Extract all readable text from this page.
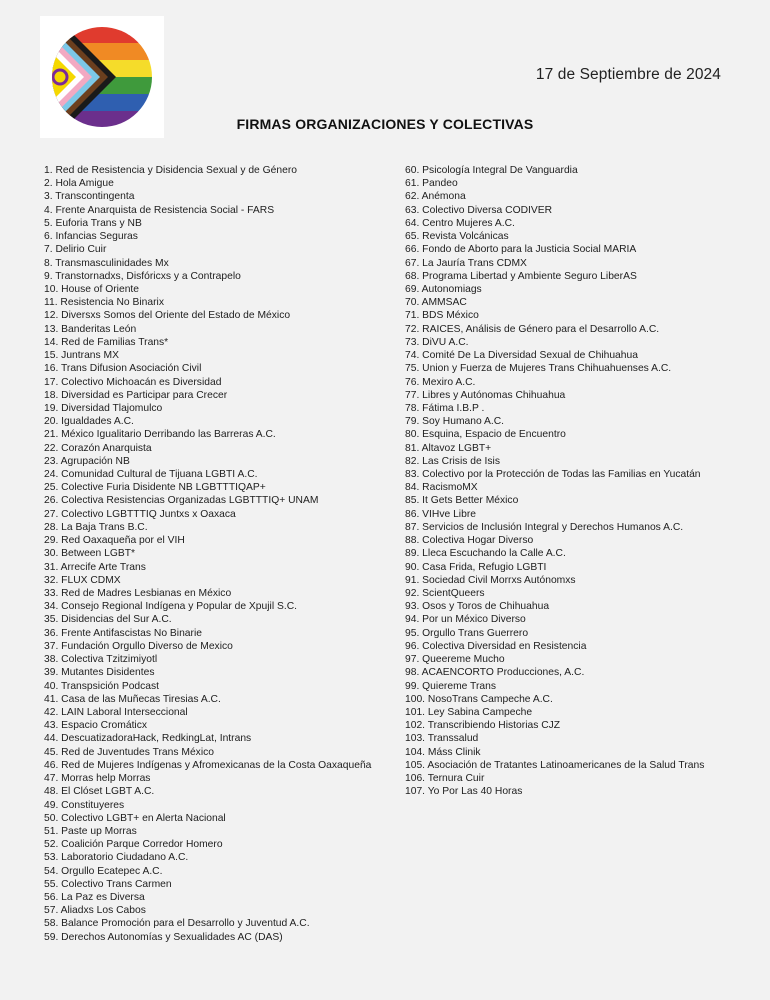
17 de Septiembre de 2024
FIRMAS ORGANIZACIONES Y COLECTIVAS
1. Red de Resistencia y Disidencia Sexual y de Género
2. Hola Amigue
3. Transcontingenta
4. Frente Anarquista de Resistencia Social - FARS
5. Euforia Trans y NB
6. Infancias Seguras
7. Delirio Cuir
8. Transmasculinidades Mx
9. Transtornadxs, Disfóricxs y a Contrapelo
10. House of Oriente
11. Resistencia No Binarix
12. Diversxs Somos del Oriente del Estado de México
13. Banderitas León
14. Red de Familias Trans*
15. Juntrans MX
16. Trans Difusion Asociación Civil
17. Colectivo Michoacán es Diversidad
18. Diversidad es Participar para Crecer
19. Diversidad Tlajomulco
20. Igualdades A.C.
21. México Igualitario Derribando las Barreras A.C.
22. Corazón Anarquista
23. Agrupación NB
24. Comunidad Cultural de Tijuana LGBTI A.C.
25. Colective Furia Disidente NB LGBTTTIQAP+
26. Colectiva Resistencias Organizadas LGBTTTIQ+ UNAM
27. Colectivo LGBTTTIQ Juntxs x Oaxaca
28. La Baja Trans B.C.
29. Red Oaxaqueña por el VIH
30. Between LGBT*
31. Arrecife Arte Trans
32. FLUX CDMX
33. Red de Madres Lesbianas en México
34. Consejo Regional Indígena y Popular de Xpujil S.C.
35. Disidencias del Sur A.C.
36. Frente Antifascistas No Binarie
37. Fundación Orgullo Diverso de Mexico
38. Colectiva Tzitzimiyotl
39. Mutantes Disidentes
40. Transpsición Podcast
41. Casa de las Muñecas Tiresias A.C.
42. LAIN Laboral Interseccional
43. Espacio Cromáticx
44. DescuatizadoraHack, RedkingLat, Intrans
45. Red de Juventudes Trans México
46. Red de Mujeres Indígenas y Afromexicanas de la Costa Oaxaqueña
47. Morras help Morras
48. El Clóset LGBT A.C.
49. Constituyeres
50. Colectivo LGBT+ en Alerta Nacional
51. Paste up Morras
52. Coalición Parque Corredor Homero
53. Laboratorio Ciudadano A.C.
54. Orgullo Ecatepec A.C.
55. Colectivo Trans Carmen
56. La Paz es Diversa
57. Aliadxs Los Cabos
58. Balance Promoción para el Desarrollo y Juventud A.C.
59. Derechos Autonomías y Sexualidades AC (DAS)
60. Psicología Integral De Vanguardia
61. Pandeo
62. Anémona
63. Colectivo Diversa CODIVER
64. Centro Mujeres A.C.
65. Revista Volcánicas
66. Fondo de Aborto para la Justicia Social MARIA
67. La Jauría Trans CDMX
68. Programa Libertad y Ambiente Seguro LiberAS
69. Autonomiags
70. AMMSAC
71. BDS México
72. RAICES, Análisis de Género para el Desarrollo A.C.
73. DiVU A.C.
74. Comité De La Diversidad Sexual de Chihuahua
75. Union y Fuerza de Mujeres Trans Chihuahuenses A.C.
76. Mexiro A.C.
77. Libres y Autónomas Chihuahua
78. Fátima I.B.P .
79. Soy Humano A.C.
80. Esquina, Espacio de Encuentro
81. Altavoz LGBT+
82. Las Crisis de Isis
83. Colectivo por la Protección de Todas las Familias en Yucatán
84. RacismoMX
85. It Gets Better México
86. VIHve Libre
87. Servicios de Inclusión Integral y Derechos Humanos A.C.
88. Colectiva Hogar Diverso
89. Lleca Escuchando la Calle A.C.
90. Casa Frida, Refugio LGBTI
91. Sociedad Civil Morrxs Autónomxs
92. ScientQueers
93. Osos y Toros de Chihuahua
94. Por un México Diverso
95. Orgullo Trans Guerrero
96. Colectiva Diversidad en Resistencia
97. Queereme Mucho
98. ACAENCORTO Producciones, A.C.
99. Quiereme Trans
100. NosoTrans Campeche A.C.
101. Ley Sabina Campeche
102. Transcribiendo Historias CJZ
103. Transsalud
104. Máss Clinik
105. Asociación de Tratantes Latinoamericanes de la Salud Trans
106. Ternura Cuir
107. Yo Por Las 40 Horas
